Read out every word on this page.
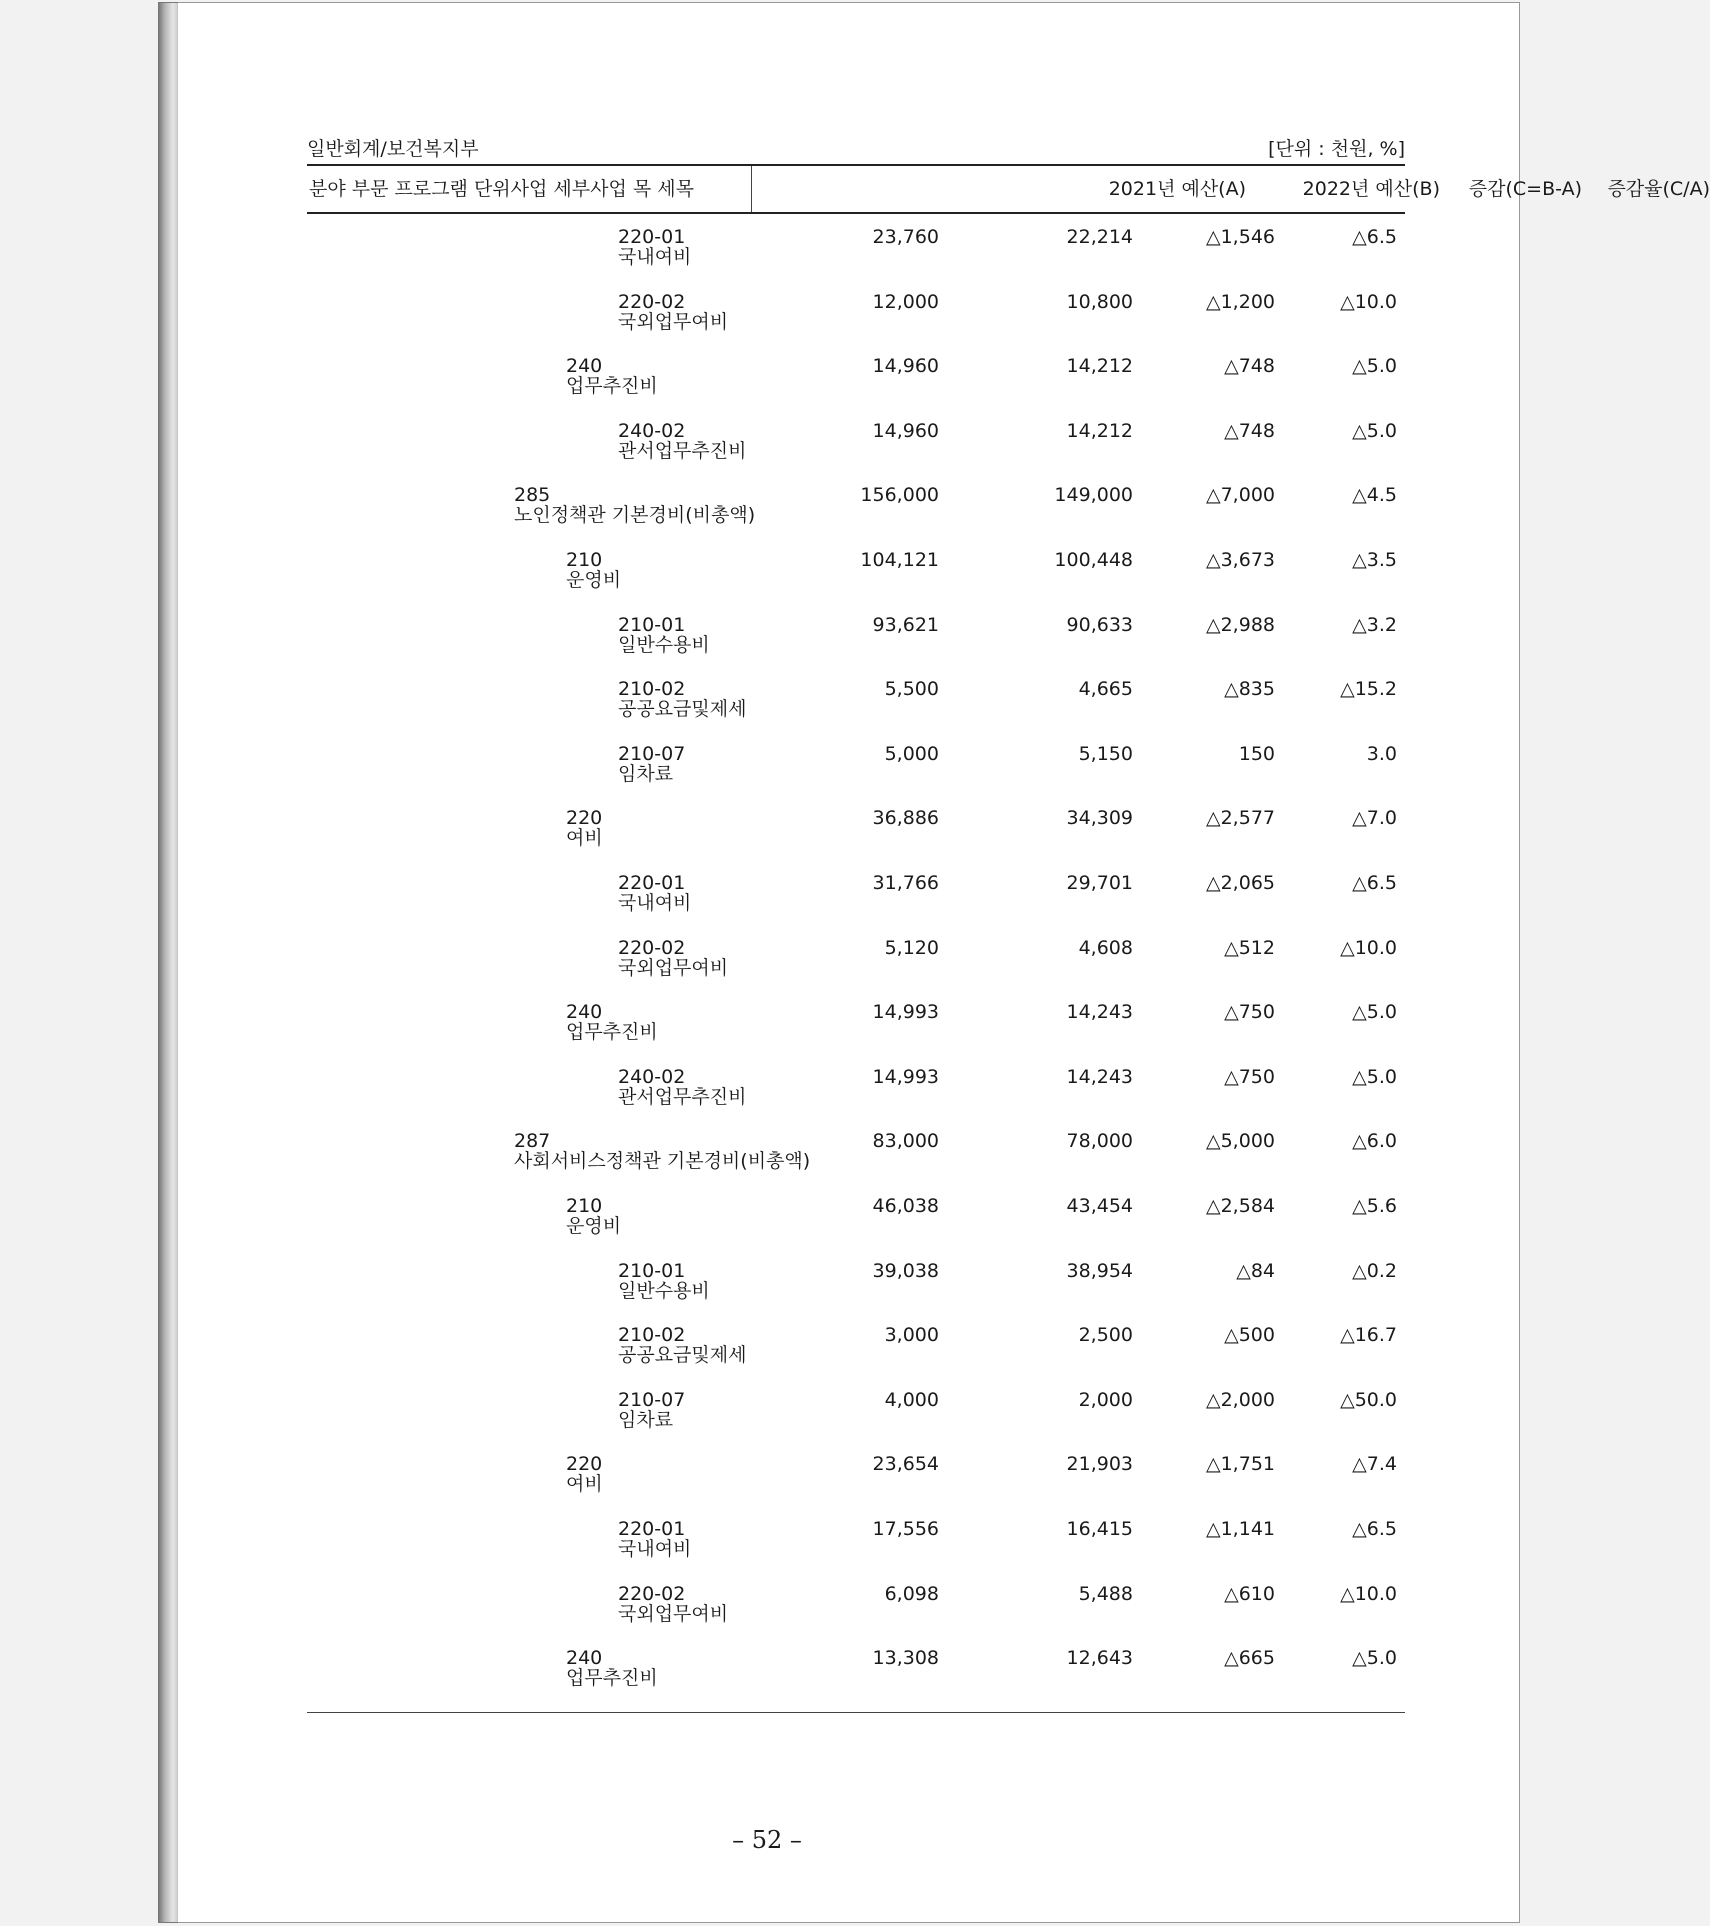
일반회계/보건복지부	[단위 : 천원, %]
분야 부문 프로그램 단위사업 세부사업 목 세목	2021년 예산(A)	2022년 예산(B)	증감(C=B-A)	증감율(C/A)
220-01
국내여비
23,760	22,214	△1,546	△6.5
220-02
국외업무여비
12,000	10,800	△1,200	△10.0
240
업무추진비
14,960	14,212	△748	△5.0
240-02
관서업무추진비
14,960	14,212	△748	△5.0
285
노인정책관 기본경비(비총액)
156,000	149,000	△7,000	△4.5
210
운영비
104,121	100,448	△3,673	△3.5
210-01
일반수용비
93,621	90,633	△2,988	△3.2
210-02
공공요금및제세
5,500	4,665	△835	△15.2
210-07
임차료
5,000	5,150	150	3.0
220
여비
36,886	34,309	△2,577	△7.0
220-01
국내여비
31,766	29,701	△2,065	△6.5
220-02
국외업무여비
5,120	4,608	△512	△10.0
240
업무추진비
14,993	14,243	△750	△5.0
240-02
관서업무추진비
14,993	14,243	△750	△5.0
287
사회서비스정책관 기본경비(비총액)
83,000	78,000	△5,000	△6.0
210
운영비
46,038	43,454	△2,584	△5.6
210-01
일반수용비
39,038	38,954	△84	△0.2
210-02
공공요금및제세
3,000	2,500	△500	△16.7
210-07
임차료
4,000	2,000	△2,000	△50.0
220
여비
23,654	21,903	△1,751	△7.4
220-01
국내여비
17,556	16,415	△1,141	△6.5
220-02
국외업무여비
6,098	5,488	△610	△10.0
240
업무추진비
13,308	12,643	△665	△5.0
– 52 –
